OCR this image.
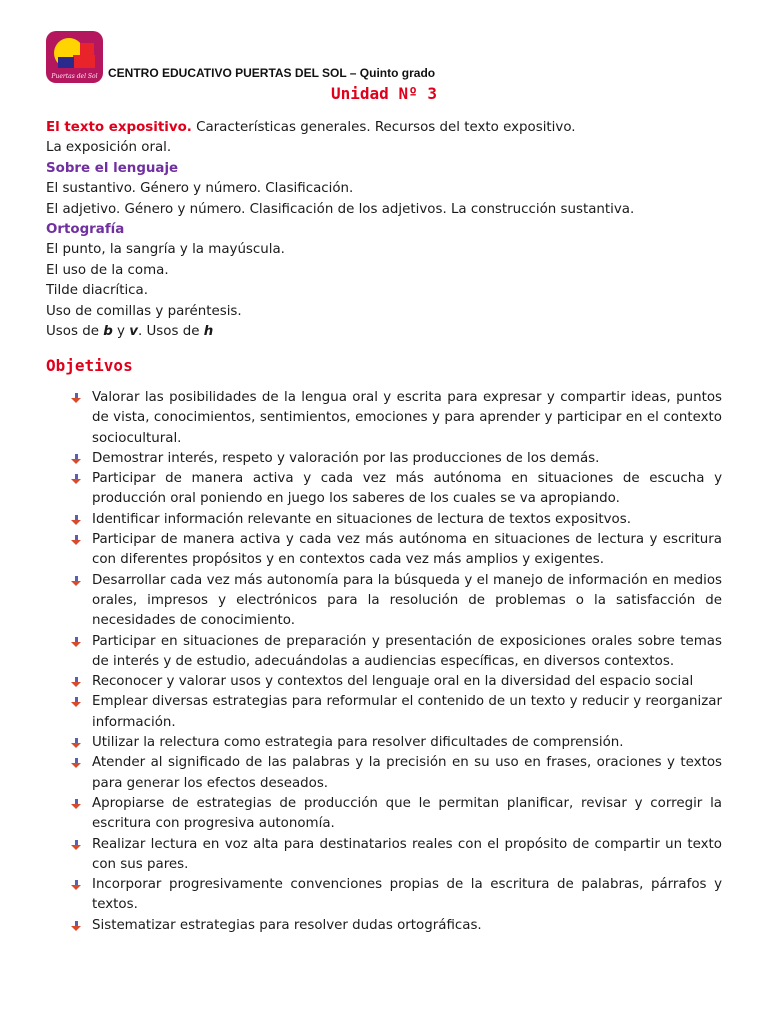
Puertas del Sol CENTRO EDUCATIVO PUERTAS DEL SOL – Quinto grado
Unidad Nº 3
El texto expositivo. Características generales. Recursos del texto expositivo.
La exposición oral.
Sobre el lenguaje
El sustantivo. Género y número. Clasificación.
El adjetivo. Género y número. Clasificación de los adjetivos. La construcción sustantiva.
Ortografía
El punto, la sangría y la mayúscula.
El uso de la coma.
Tilde diacrítica.
Uso de comillas y paréntesis.
Usos de b y v. Usos de h
Objetivos
Valorar las posibilidades de la lengua oral y escrita para expresar y compartir ideas, puntos de vista, conocimientos, sentimientos, emociones y para aprender y participar en el contexto sociocultural.
Demostrar interés, respeto y valoración por las producciones de los demás.
Participar de manera activa y cada vez más autónoma en situaciones de escucha y producción oral poniendo en juego los saberes de los cuales se va apropiando.
Identificar información relevante en situaciones de lectura de textos expositvos.
Participar de manera activa y cada vez más autónoma en situaciones de lectura y escritura con diferentes propósitos y en contextos cada vez más amplios y exigentes.
Desarrollar cada vez más autonomía para la búsqueda y el manejo de información en medios orales, impresos y electrónicos para la resolución de problemas o la satisfacción de necesidades de conocimiento.
Participar en situaciones de preparación y presentación de exposiciones orales sobre temas de interés y de estudio, adecuándolas a audiencias específicas, en diversos contextos.
Reconocer y valorar usos y contextos del lenguaje oral en la diversidad del espacio social
Emplear diversas estrategias para reformular el contenido de un texto y reducir y reorganizar información.
Utilizar la relectura como estrategia para resolver dificultades de comprensión.
Atender al significado de las palabras y la precisión en su uso en frases, oraciones y textos para generar los efectos deseados.
Apropiarse de estrategias de producción que le permitan planificar, revisar y corregir la escritura con progresiva autonomía.
Realizar lectura en voz alta para destinatarios reales con el propósito de compartir un texto con sus pares.
Incorporar progresivamente convenciones propias de la escritura de palabras, párrafos y textos.
Sistematizar estrategias para resolver dudas ortográficas.
